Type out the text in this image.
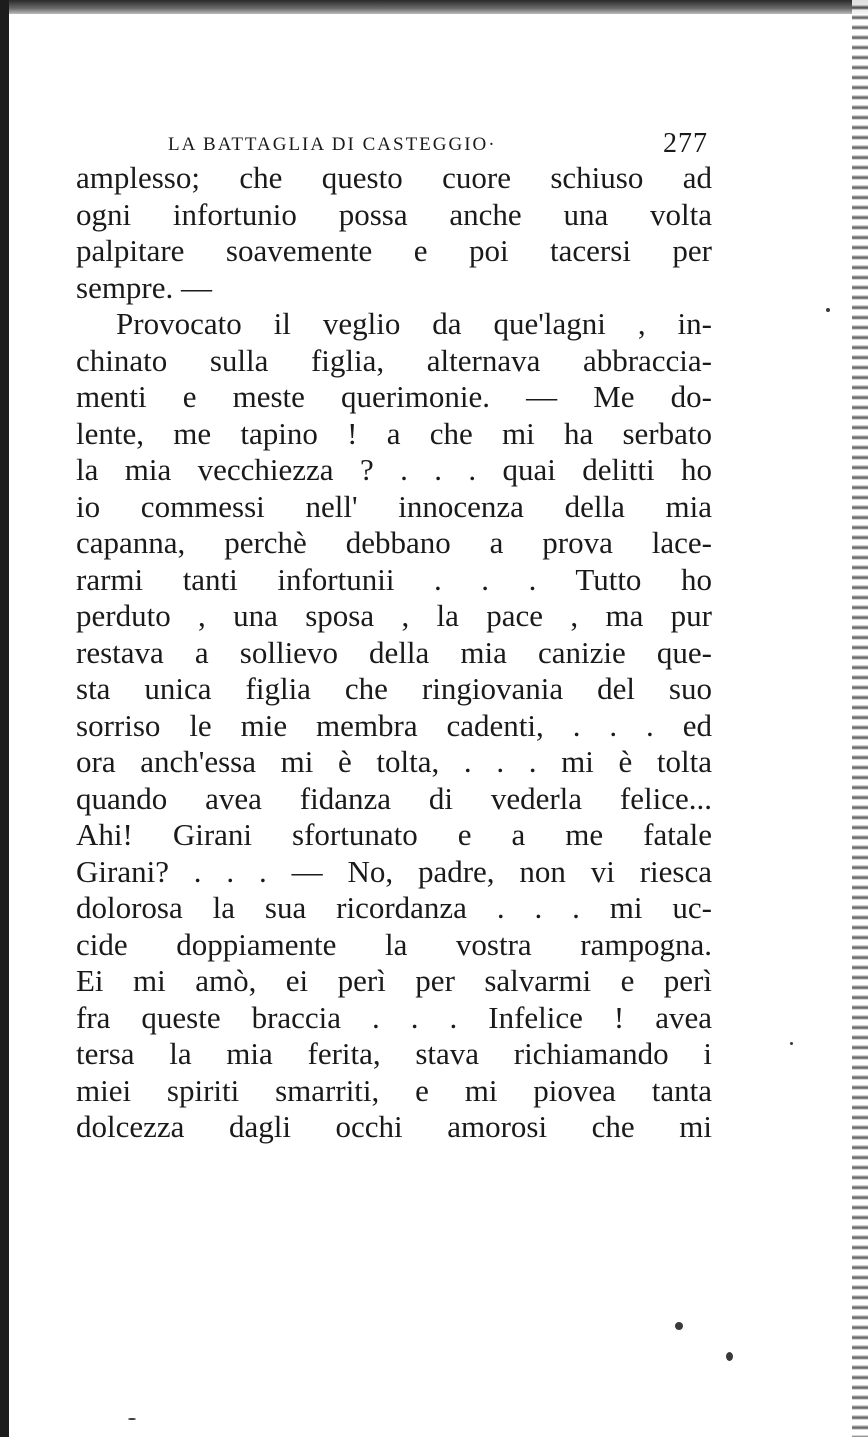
LA BATTAGLIA DI CASTEGGIO·	277
amplesso; che questo cuore schiuso ad
ogni infortunio possa anche una volta
palpitare soavemente e poi tacersi per
sempre. —
Provocato il veglio da que'lagni , in-
chinato sulla figlia, alternava abbraccia-
menti e meste querimonie. — Me do-
lente, me tapino ! a che mi ha serbato
la mia vecchiezza ? . . . quai delitti ho
io commessi nell' innocenza della mia
capanna, perchè debbano a prova lace-
rarmi tanti infortunii . . . Tutto ho
perduto , una sposa , la pace , ma pur
restava a sollievo della mia canizie que-
sta unica figlia che ringiovania del suo
sorriso le mie membra cadenti, . . . ed
ora anch'essa mi è tolta, . . . mi è tolta
quando avea fidanza di vederla felice...
Ahi! Girani sfortunato e a me fatale
Girani? . . . — No, padre, non vi riesca
dolorosa la sua ricordanza . . . mi uc-
cide doppiamente la vostra rampogna.
Ei mi amò, ei perì per salvarmi e perì
fra queste braccia . . . Infelice ! avea
tersa la mia ferita, stava richiamando i
miei spiriti smarriti, e mi piovea tanta
dolcezza dagli occhi amorosi che mi
